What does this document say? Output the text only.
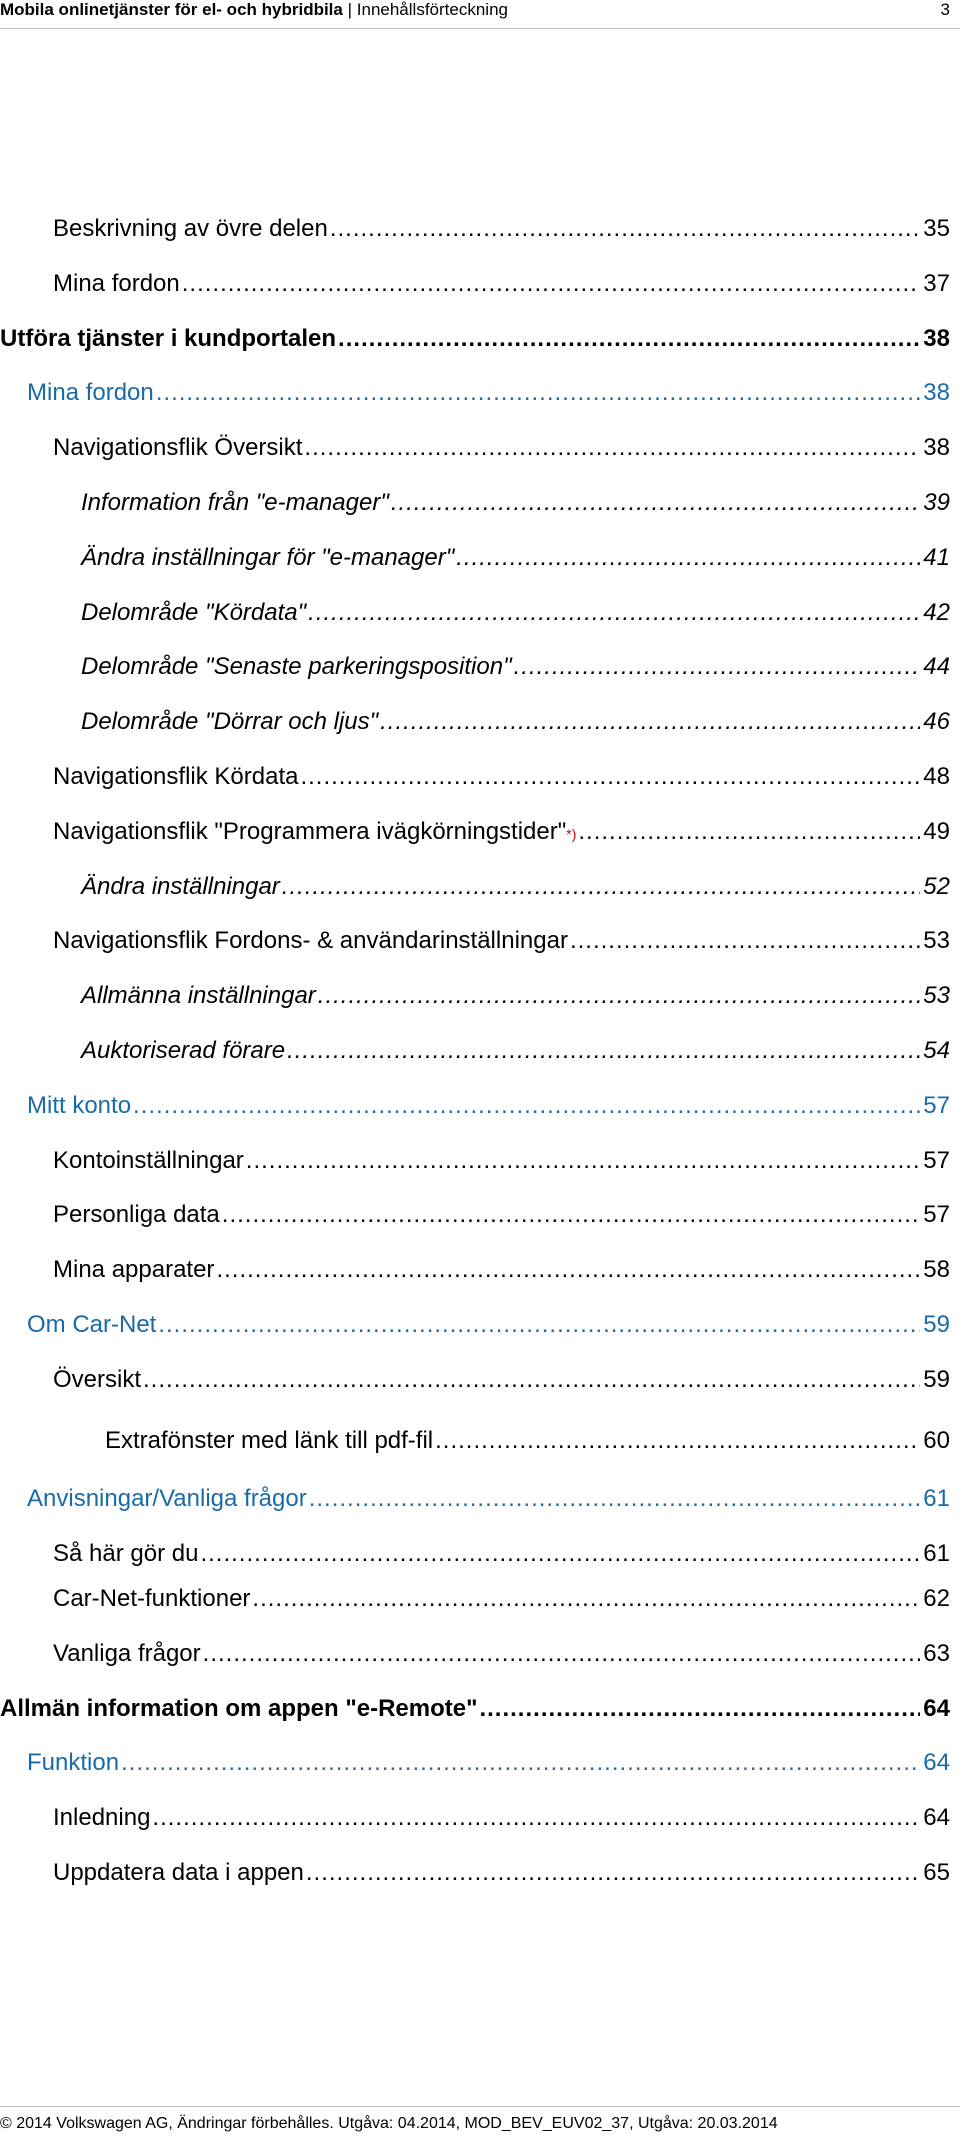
Mobila onlinetjänster för el- och hybridbila | Innehållsförteckning	3
Beskrivning av övre delen .....	35
Mina fordon .....	37
Utföra tjänster i kundportalen .....	38
Mina fordon .....	38
Navigationsflik Översikt .....	38
Information från "e-manager" .....	39
Ändra inställningar för "e-manager" .....	41
Delområde "Kördata" .....	42
Delområde "Senaste parkeringsposition" .....	44
Delområde "Dörrar och ljus" .....	46
Navigationsflik Kördata .....	48
Navigationsflik "Programmera ivägkörningstider" *) .....	49
Ändra inställningar .....	52
Navigationsflik Fordons- & användarinställningar .....	53
Allmänna inställningar .....	53
Auktoriserad förare .....	54
Mitt konto .....	57
Kontoinställningar .....	57
Personliga data .....	57
Mina apparater .....	58
Om Car-Net .....	59
Översikt .....	59
Extrafönster med länk till pdf-fil .....	60
Anvisningar/Vanliga frågor .....	61
Så här gör du .....	61
Car-Net-funktioner .....	62
Vanliga frågor .....	63
Allmän information om appen "e-Remote" .....	64
Funktion .....	64
Inledning .....	64
Uppdatera data i appen .....	65
© 2014 Volkswagen AG, Ändringar förbehålles. Utgåva: 04.2014, MOD_BEV_EUV02_37, Utgåva: 20.03.2014
